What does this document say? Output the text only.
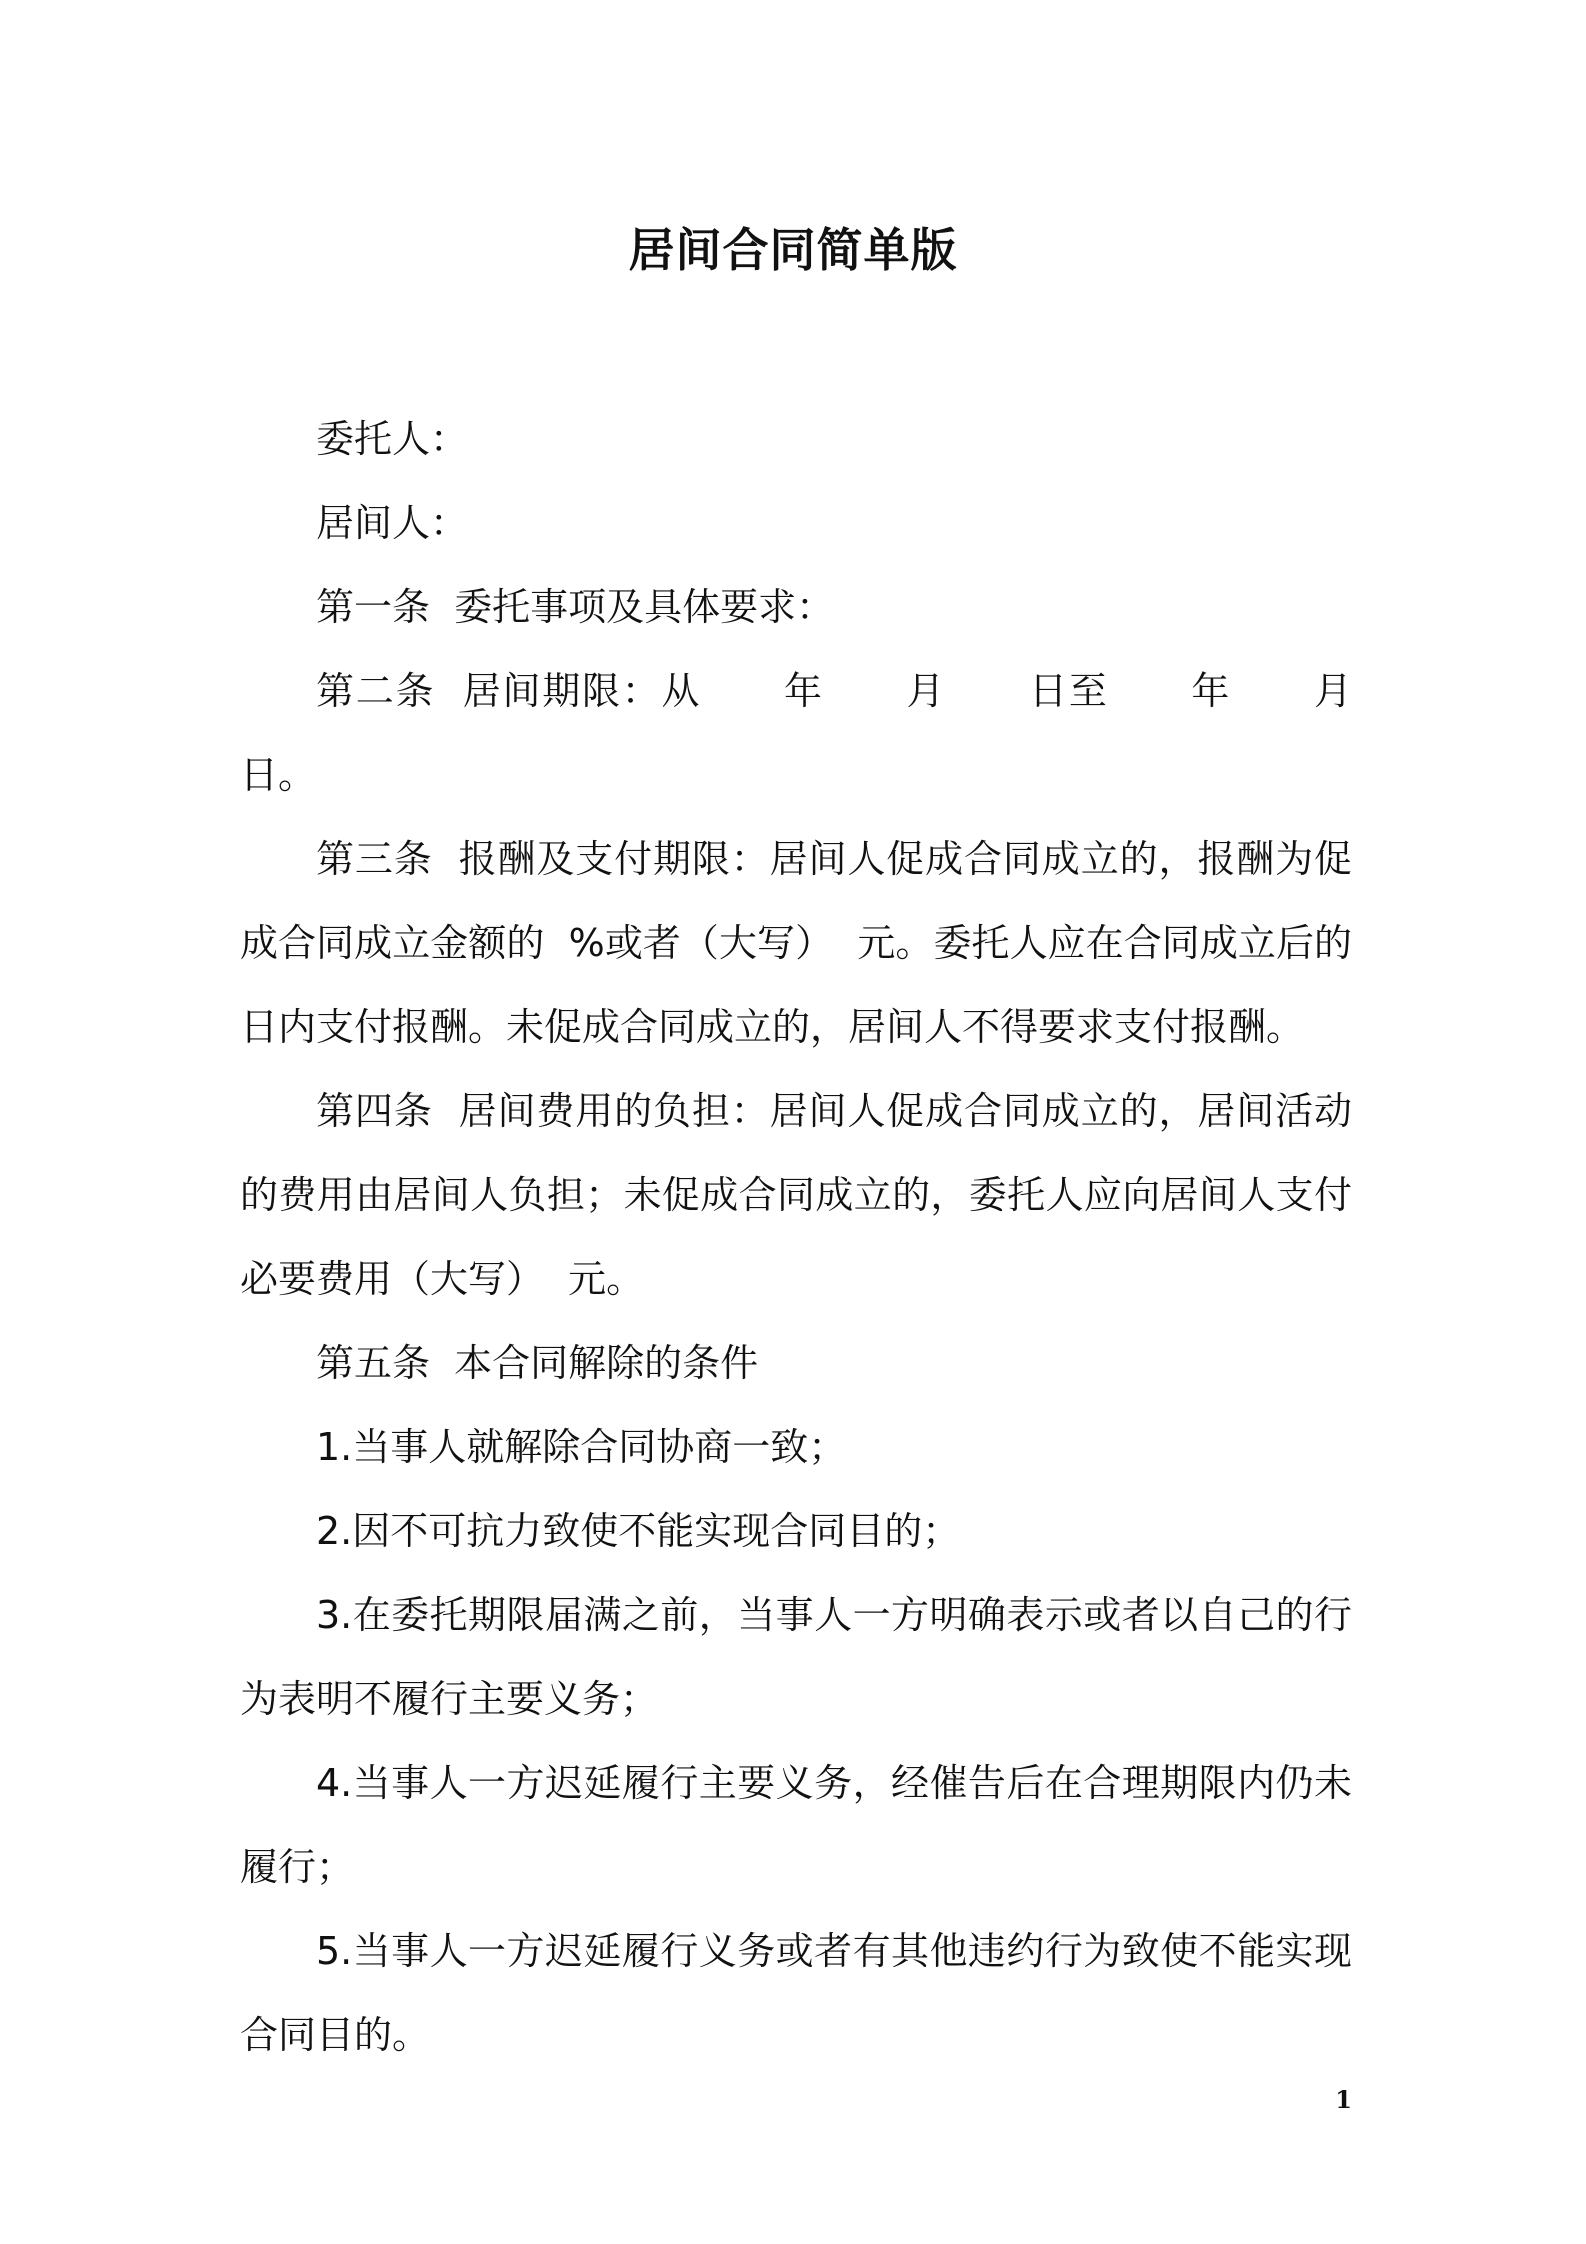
居间合同简单版

委托人：

居间人：

第一条  委托事项及具体要求：

第二条  居间期限：从      年      月      日至      年      月      日。

第三条  报酬及支付期限：居间人促成合同成立的，报酬为促成合同成立金额的  %或者（大写）  元。委托人应在合同成立后的  日内支付报酬。未促成合同成立的，居间人不得要求支付报酬。

第四条  居间费用的负担：居间人促成合同成立的，居间活动的费用由居间人负担；未促成合同成立的，委托人应向居间人支付必要费用（大写）  元。

第五条  本合同解除的条件

1.当事人就解除合同协商一致；

2.因不可抗力致使不能实现合同目的；

3.在委托期限届满之前，当事人一方明确表示或者以自己的行为表明不履行主要义务；

4.当事人一方迟延履行主要义务，经催告后在合理期限内仍未履行；

5.当事人一方迟延履行义务或者有其他违约行为致使不能实现合同目的。

1
